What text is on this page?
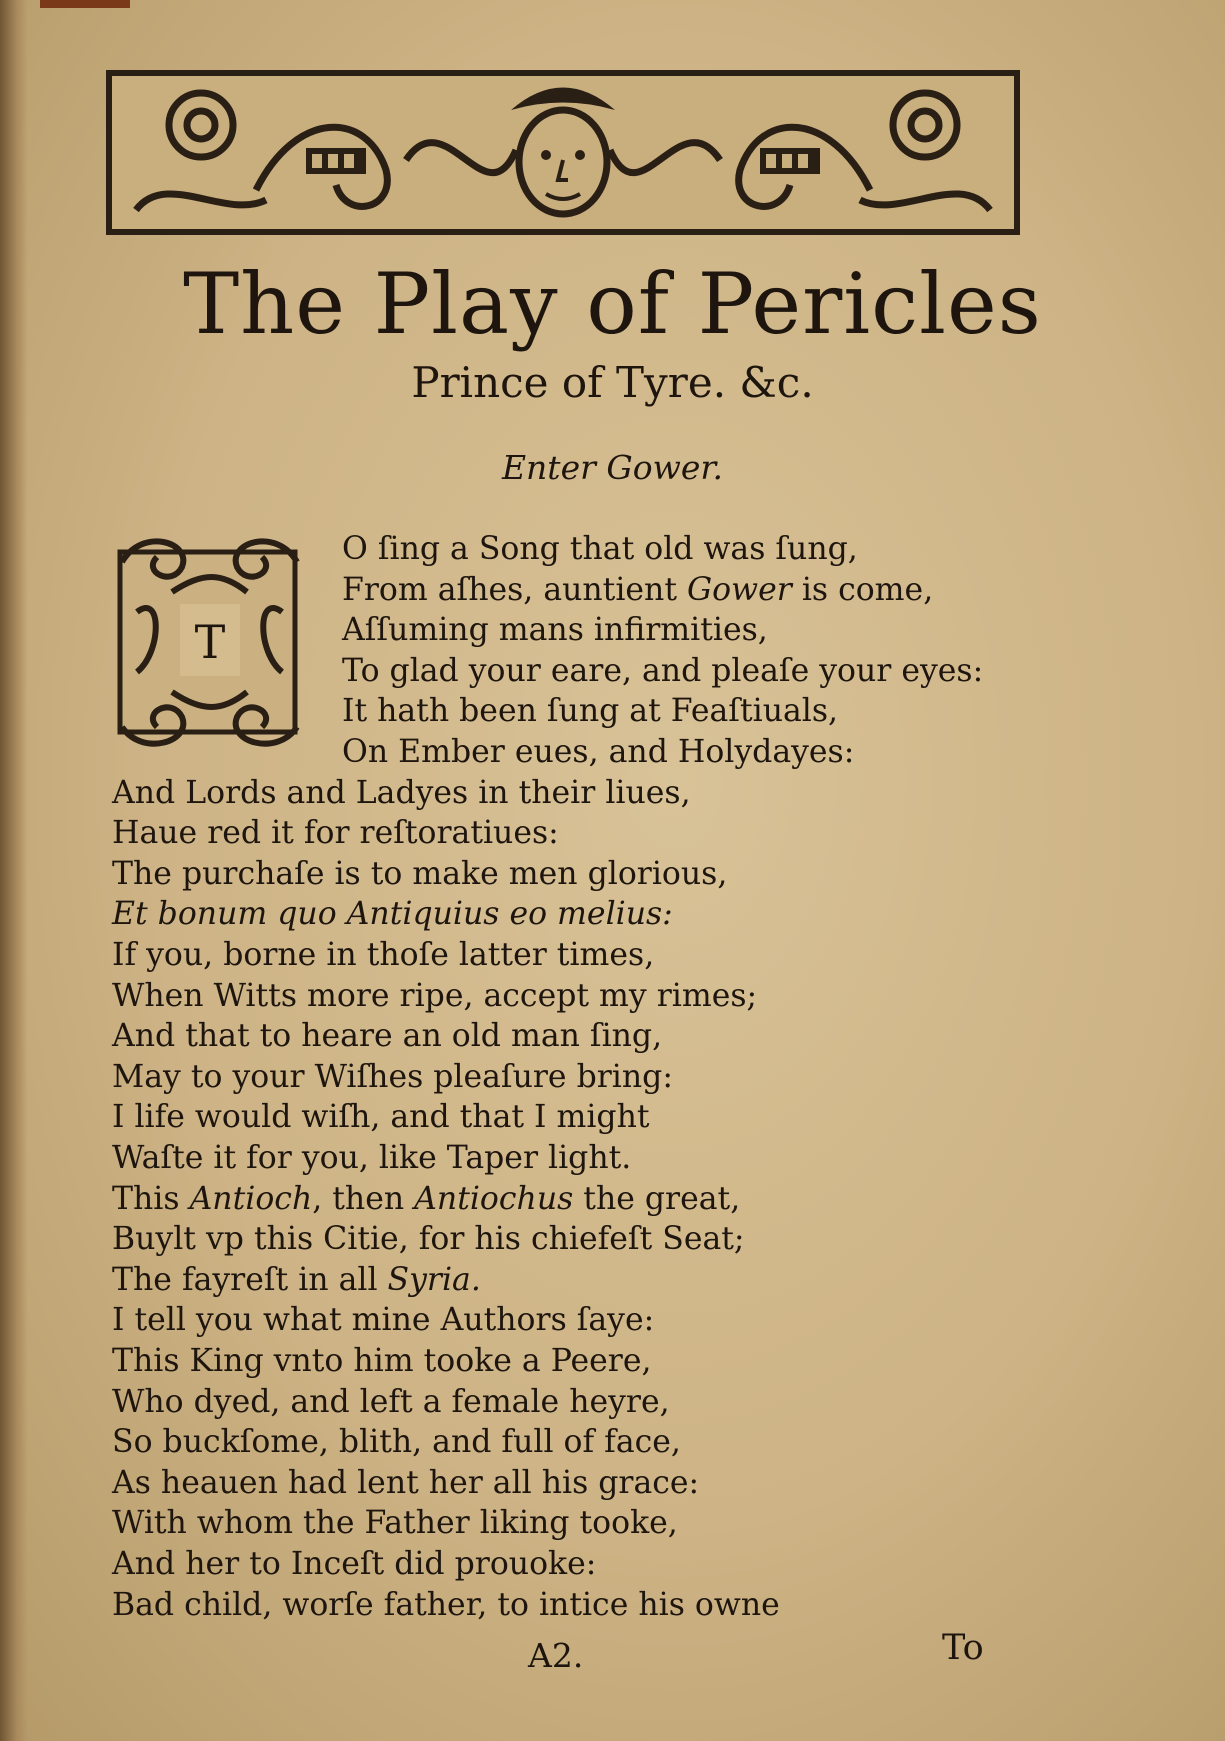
The Play of Pericles
Prince of Tyre. &c.
Enter Gower.
T
O ſing a Song that old was ſung,
From aſhes, auntient Gower is come,
Aſſuming mans infirmities,
To glad your eare, and pleaſe your eyes:
It hath been ſung at Feaſtiuals,
On Ember eues, and Holydayes:
And Lords and Ladyes in their liues,
Haue red it for reſtoratiues:
The purchaſe is to make men glorious,
Et bonum quo Antiquius eo melius:
If you, borne in thoſe latter times,
When Witts more ripe, accept my rimes;
And that to heare an old man ſing,
May to your Wiſhes pleaſure bring:
I life would wiſh, and that I might
Waſte it for you, like Taper light.
This Antioch, then Antiochus the great,
Buylt vp this Citie, for his chiefeſt Seat;
The fayreſt in all Syria.
I tell you what mine Authors ſaye:
This King vnto him tooke a Peere,
Who dyed, and left a female heyre,
So buckſome, blith, and full of face,
As heauen had lent her all his grace:
With whom the Father liking tooke,
And her to Inceſt did prouoke:
Bad child, worſe father, to intice his owne
A2.	To
